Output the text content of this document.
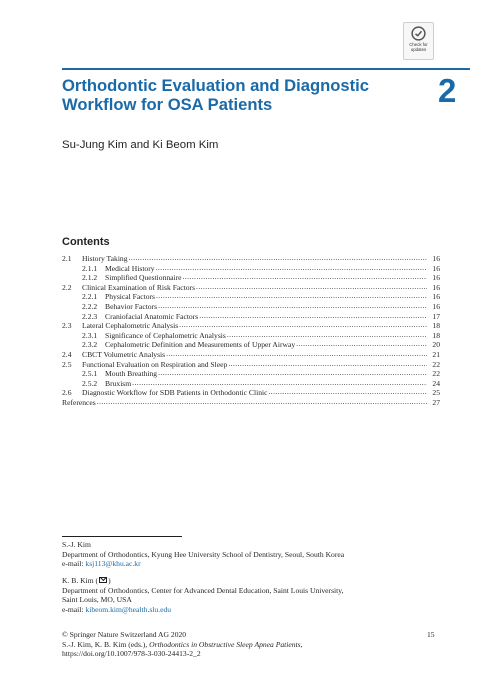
Check for
updates
Orthodontic Evaluation and Diagnostic
Workflow for OSA Patients	2
Su-Jung Kim and Ki Beom Kim
Contents
2.1	History Taking .....	16
2.1.1	Medical History .....	16
2.1.2	Simplified Questionnaire .....	16
2.2	Clinical Examination of Risk Factors .....	16
2.2.1	Physical Factors .....	16
2.2.2	Behavior Factors .....	16
2.2.3	Craniofacial Anatomic Factors .....	17
2.3	Lateral Cephalometric Analysis .....	18
2.3.1	Significance of Cephalometric Analysis .....	18
2.3.2	Cephalometric Definition and Measurements of Upper Airway .....	20
2.4	CBCT Volumetric Analysis .....	21
2.5	Functional Evaluation on Respiration and Sleep .....	22
2.5.1	Mouth Breathing .....	22
2.5.2	Bruxism .....	24
2.6	Diagnostic Workflow for SDB Patients in Orthodontic Clinic .....	25
References .....	27
S.-J. Kim
Department of Orthodontics, Kyung Hee University School of Dentistry, Seoul, South Korea
e-mail: ksj113@khu.ac.kr
K. B. Kim ( )
Department of Orthodontics, Center for Advanced Dental Education, Saint Louis University,
Saint Louis, MO, USA
e-mail: kibeom.kim@health.slu.edu
© Springer Nature Switzerland AG 2020
S.-J. Kim, K. B. Kim (eds.), Orthodontics in Obstructive Sleep Apnea Patients,
https://doi.org/10.1007/978-3-030-24413-2_2
15
